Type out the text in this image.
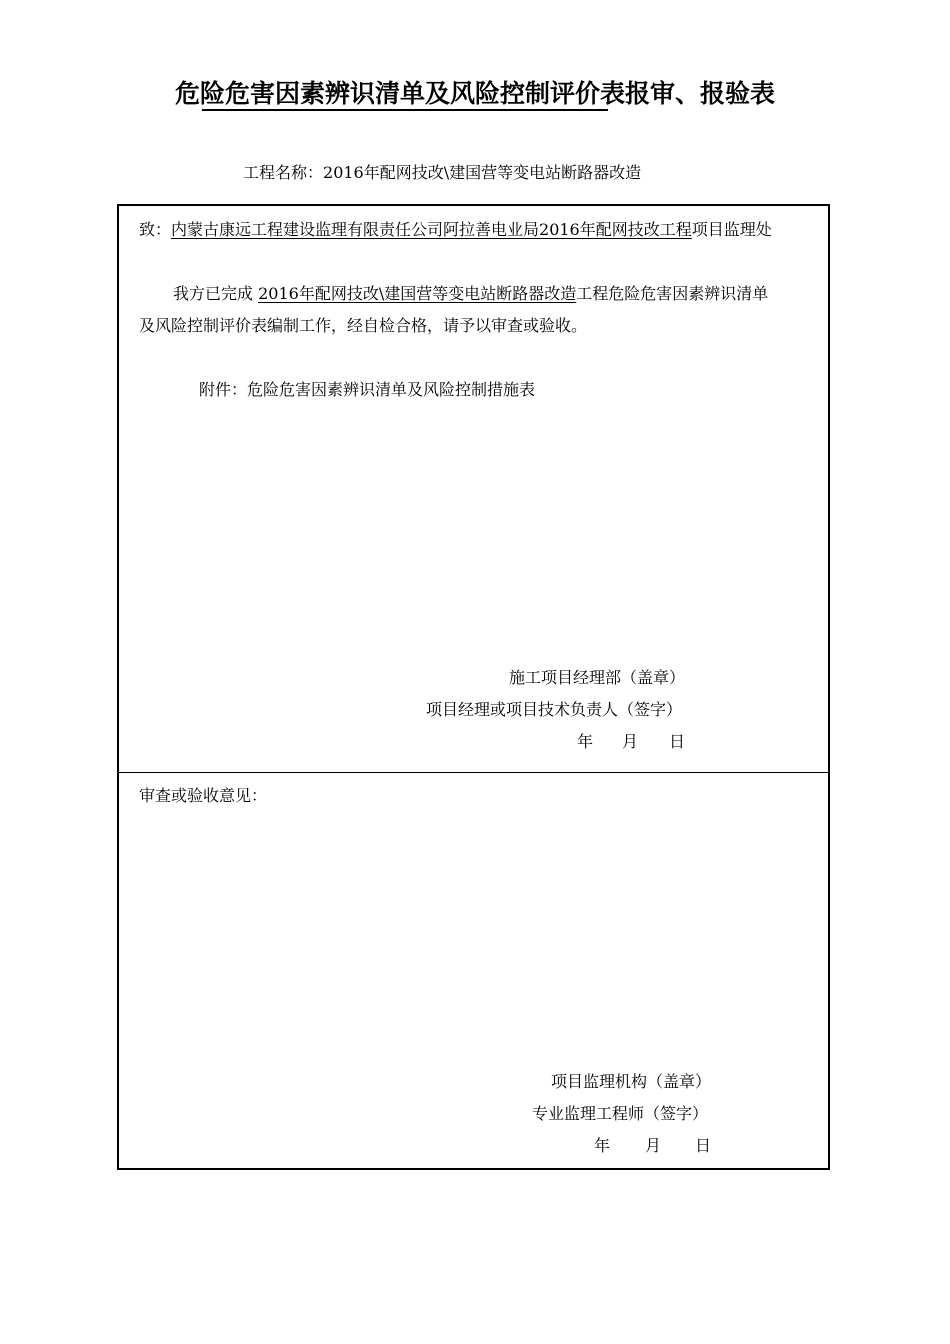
危险危害因素辨识清单及风险控制评价表报审、报验表
工程名称：2016年配网技改\建国营等变电站断路器改造
致：内蒙古康远工程建设监理有限责任公司阿拉善电业局2016年配网技改工程项目监理处
我方已完成 2016年配网技改\建国营等变电站断路器改造工程危险危害因素辨识清单
及风险控制评价表编制工作，经自检合格，请予以审查或验收。
附件：危险危害因素辨识清单及风险控制措施表
施工项目经理部（盖章）
项目经理或项目技术负责人（签字）
年 月 日
审查或验收意见：
项目监理机构（盖章）
专业监理工程师（签字）
年 月 日
